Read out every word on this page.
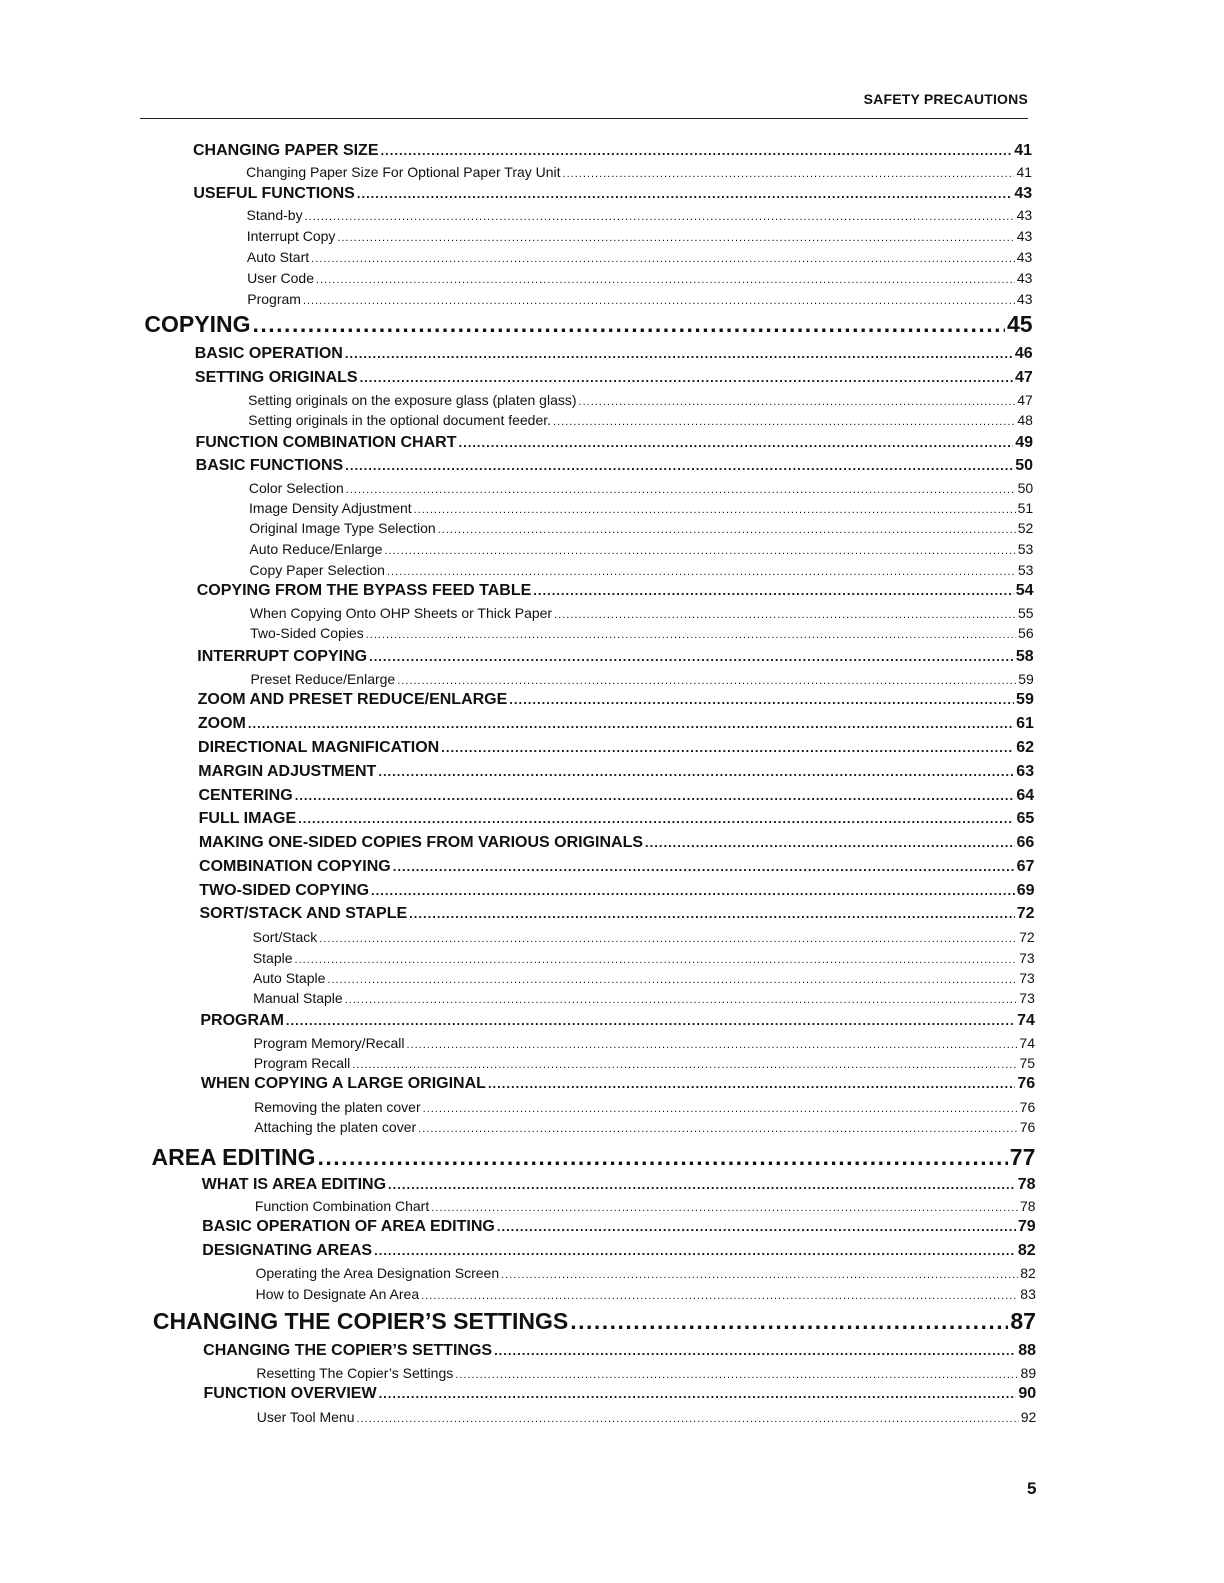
SAFETY PRECAUTIONS
CHANGING PAPER SIZE .....	41
Changing Paper Size For Optional Paper Tray Unit .....	41
USEFUL FUNCTIONS .....	43
Stand-by .....	43
Interrupt Copy .....	43
Auto Start .....	43
User Code .....	43
Program .....	43
COPYING .....	45
BASIC OPERATION .....	46
SETTING ORIGINALS .....	47
Setting originals on the exposure glass (platen glass) .....	47
Setting originals in the optional document feeder. .....	48
FUNCTION COMBINATION CHART .....	49
BASIC FUNCTIONS .....	50
Color Selection .....	50
Image Density Adjustment .....	51
Original Image Type Selection .....	52
Auto Reduce/Enlarge .....	53
Copy Paper Selection .....	53
COPYING FROM THE BYPASS FEED TABLE .....	54
When Copying Onto OHP Sheets or Thick Paper .....	55
Two-Sided Copies .....	56
INTERRUPT COPYING .....	58
Preset Reduce/Enlarge .....	59
ZOOM AND PRESET REDUCE/ENLARGE .....	59
ZOOM .....	61
DIRECTIONAL MAGNIFICATION .....	62
MARGIN ADJUSTMENT .....	63
CENTERING .....	64
FULL IMAGE .....	65
MAKING ONE-SIDED COPIES FROM VARIOUS ORIGINALS .....	66
COMBINATION COPYING .....	67
TWO-SIDED COPYING .....	69
SORT/STACK AND STAPLE .....	72
Sort/Stack .....	72
Staple .....	73
Auto Staple .....	73
Manual Staple .....	73
PROGRAM .....	74
Program Memory/Recall .....	74
Program Recall .....	75
WHEN COPYING A LARGE ORIGINAL .....	76
Removing the platen cover .....	76
Attaching the platen cover .....	76
AREA EDITING .....	77
WHAT IS AREA EDITING .....	78
Function Combination Chart .....	78
BASIC OPERATION OF AREA EDITING .....	79
DESIGNATING AREAS .....	82
Operating the Area Designation Screen .....	82
How to Designate An Area .....	83
CHANGING THE COPIER’S SETTINGS .....	87
CHANGING THE COPIER’S SETTINGS .....	88
Resetting The Copier’s Settings .....	89
FUNCTION OVERVIEW .....	90
User Tool Menu .....	92
5
